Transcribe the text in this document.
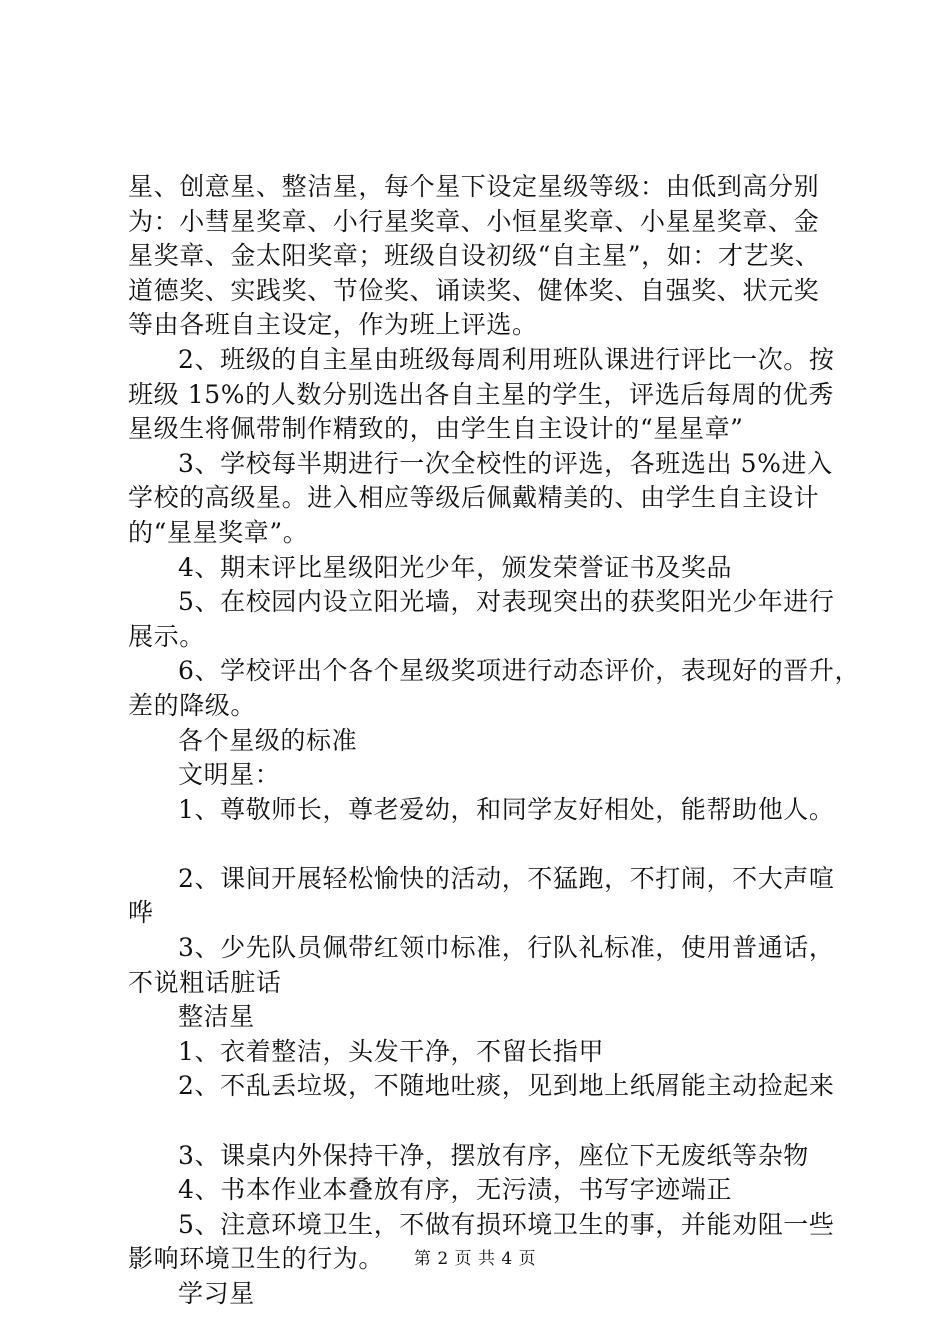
星、创意星、整洁星，每个星下设定星级等级：由低到高分别
为：小彗星奖章、小行星奖章、小恒星奖章、小星星奖章、金
星奖章、金太阳奖章；班级自设初级“自主星”，如：才艺奖、
道德奖、实践奖、节俭奖、诵读奖、健体奖、自强奖、状元奖
等由各班自主设定，作为班上评选。
2、班级的自主星由班级每周利用班队课进行评比一次。按
班级 15%的人数分别选出各自主星的学生，评选后每周的优秀
星级生将佩带制作精致的，由学生自主设计的“星星章”
3、学校每半期进行一次全校性的评选，各班选出 5%进入
学校的高级星。进入相应等级后佩戴精美的、由学生自主设计
的“星星奖章”。
4、期末评比星级阳光少年，颁发荣誉证书及奖品
5、在校园内设立阳光墙，对表现突出的获奖阳光少年进行
展示。
6、学校评出个各个星级奖项进行动态评价，表现好的晋升，
差的降级。
各个星级的标准
文明星：
1、尊敬师长，尊老爱幼，和同学友好相处，能帮助他人。
2、课间开展轻松愉快的活动，不猛跑，不打闹，不大声喧
哗
3、少先队员佩带红领巾标准，行队礼标准，使用普通话，
不说粗话脏话
整洁星
1、衣着整洁，头发干净，不留长指甲
2、不乱丢垃圾，不随地吐痰，见到地上纸屑能主动捡起来
3、课桌内外保持干净，摆放有序，座位下无废纸等杂物
4、书本作业本叠放有序，无污渍，书写字迹端正
5、注意环境卫生，不做有损环境卫生的事，并能劝阻一些
影响环境卫生的行为。
学习星
第 2 页 共 4 页
